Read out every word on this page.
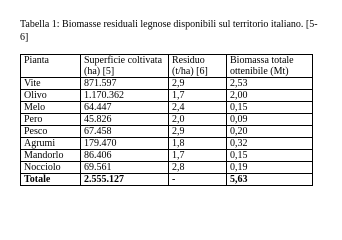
Tabella 1: Biomasse residuali legnose disponibili sul territorio italiano. [5-6]

Pianta	Superficie coltivata (ha) [5]	Residuo (t/ha) [6]	Biomassa totale ottenibile (Mt)
Vite	871.597	2,9	2,53
Olivo	1.170.362	1,7	2,00
Melo	64.447	2,4	0,15
Pero	45.826	2,0	0,09
Pesco	67.458	2,9	0,20
Agrumi	179.470	1,8	0,32
Mandorlo	86.406	1,7	0,15
Nocciolo	69.561	2,8	0,19
Totale	2.555.127	-	5,63
